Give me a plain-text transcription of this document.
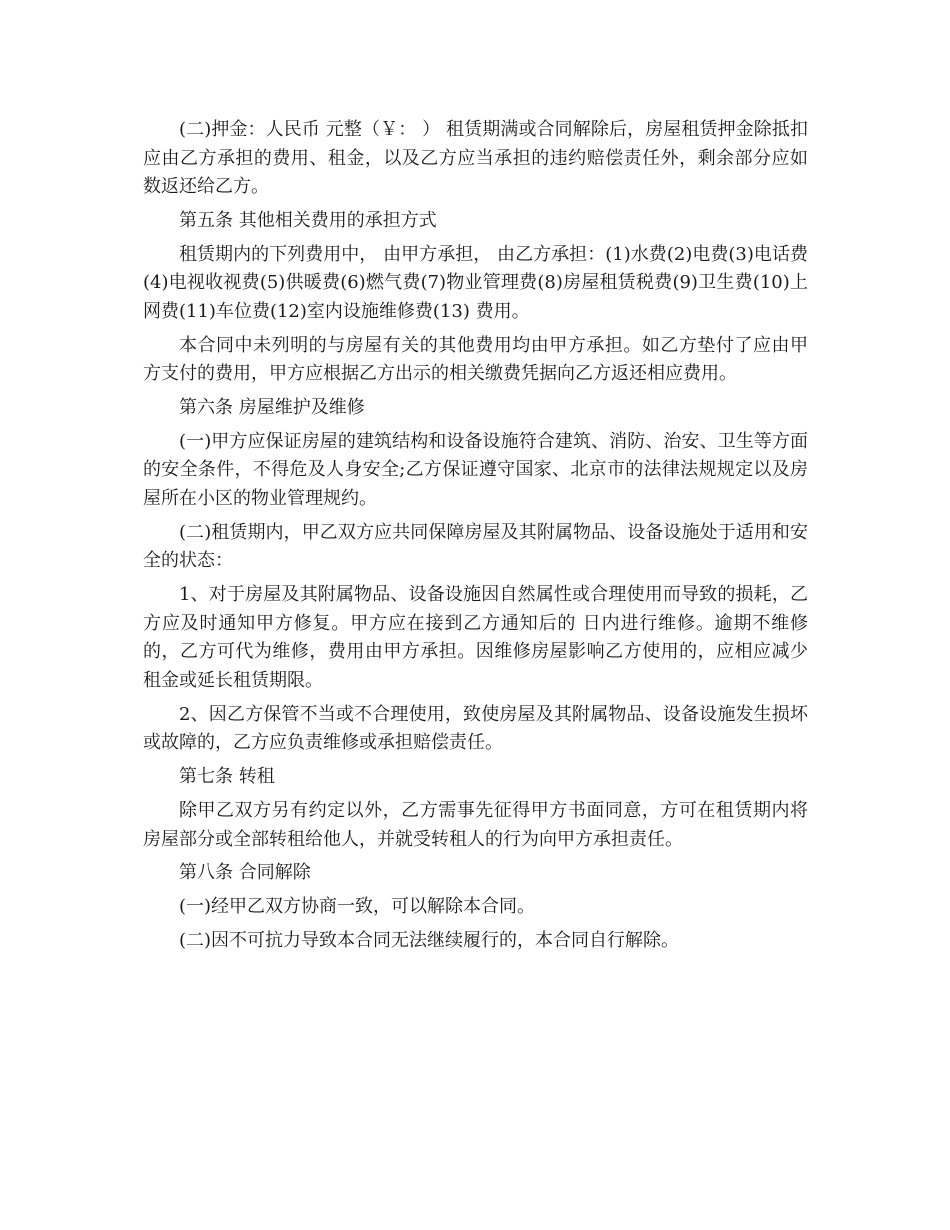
(二)押金：人民币 元整（￥： ） 租赁期满或合同解除后，房屋租赁押金除抵扣应由乙方承担的费用、租金，以及乙方应当承担的违约赔偿责任外，剩余部分应如数返还给乙方。

第五条 其他相关费用的承担方式

租赁期内的下列费用中， 由甲方承担， 由乙方承担：(1)水费(2)电费(3)电话费(4)电视收视费(5)供暖费(6)燃气费(7)物业管理费(8)房屋租赁税费(9)卫生费(10)上网费(11)车位费(12)室内设施维修费(13) 费用。

本合同中未列明的与房屋有关的其他费用均由甲方承担。如乙方垫付了应由甲方支付的费用，甲方应根据乙方出示的相关缴费凭据向乙方返还相应费用。

第六条 房屋维护及维修

(一)甲方应保证房屋的建筑结构和设备设施符合建筑、消防、治安、卫生等方面的安全条件，不得危及人身安全;乙方保证遵守国家、北京市的法律法规规定以及房屋所在小区的物业管理规约。

(二)租赁期内，甲乙双方应共同保障房屋及其附属物品、设备设施处于适用和安全的状态：

1、对于房屋及其附属物品、设备设施因自然属性或合理使用而导致的损耗，乙方应及时通知甲方修复。甲方应在接到乙方通知后的 日内进行维修。逾期不维修的，乙方可代为维修，费用由甲方承担。因维修房屋影响乙方使用的，应相应减少租金或延长租赁期限。

2、因乙方保管不当或不合理使用，致使房屋及其附属物品、设备设施发生损坏或故障的，乙方应负责维修或承担赔偿责任。

第七条 转租

除甲乙双方另有约定以外，乙方需事先征得甲方书面同意，方可在租赁期内将房屋部分或全部转租给他人，并就受转租人的行为向甲方承担责任。

第八条 合同解除

(一)经甲乙双方协商一致，可以解除本合同。

(二)因不可抗力导致本合同无法继续履行的，本合同自行解除。
